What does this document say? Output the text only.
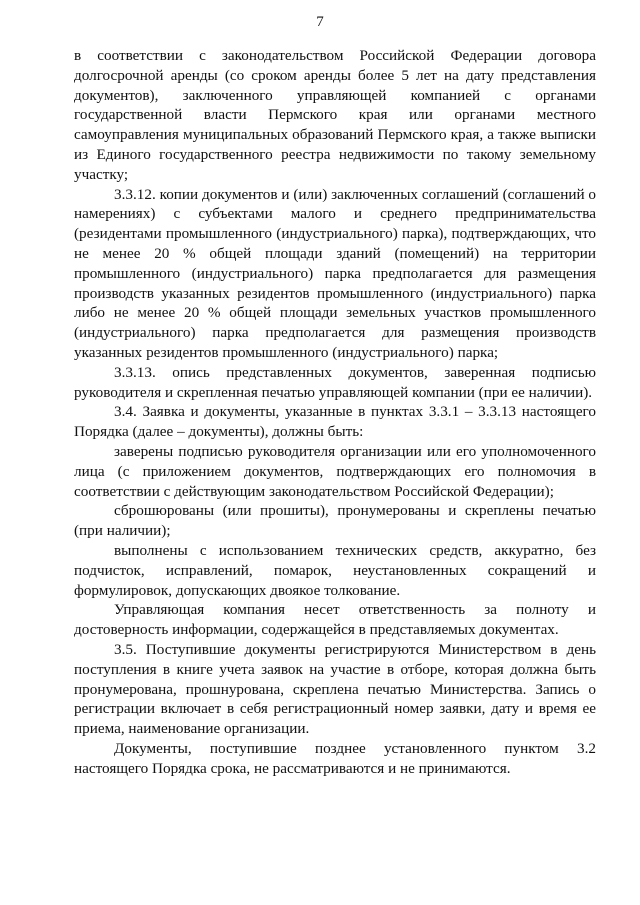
7

в соответствии с законодательством Российской Федерации договора долгосрочной аренды (со сроком аренды более 5 лет на дату представления документов), заключенного управляющей компанией с органами государственной власти Пермского края или органами местного самоуправления муниципальных образований Пермского края, а также выписки из Единого государственного реестра недвижимости по такому земельному участку;

3.3.12. копии документов и (или) заключенных соглашений (соглашений о намерениях) с субъектами малого и среднего предпринимательства (резидентами промышленного (индустриального) парка), подтверждающих, что не менее 20 % общей площади зданий (помещений) на территории промышленного (индустриального) парка предполагается для размещения производств указанных резидентов промышленного (индустриального) парка либо не менее 20 % общей площади земельных участков промышленного (индустриального) парка предполагается для размещения производств указанных резидентов промышленного (индустриального) парка;

3.3.13. опись представленных документов, заверенная подписью руководителя и скрепленная печатью управляющей компании (при ее наличии).

3.4. Заявка и документы, указанные в пунктах 3.3.1 – 3.3.13 настоящего Порядка (далее – документы), должны быть:

заверены подписью руководителя организации или его уполномоченного лица (с приложением документов, подтверждающих его полномочия в соответствии с действующим законодательством Российской Федерации);

сброшюрованы (или прошиты), пронумерованы и скреплены печатью (при наличии);

выполнены с использованием технических средств, аккуратно, без подчисток, исправлений, помарок, неустановленных сокращений и формулировок, допускающих двоякое толкование.

Управляющая компания несет ответственность за полноту и достоверность информации, содержащейся в представляемых документах.

3.5. Поступившие документы регистрируются Министерством в день поступления в книге учета заявок на участие в отборе, которая должна быть пронумерована, прошнурована, скреплена печатью Министерства. Запись о регистрации включает в себя регистрационный номер заявки, дату и время ее приема, наименование организации.

Документы, поступившие позднее установленного пунктом 3.2 настоящего Порядка срока, не рассматриваются и не принимаются.
